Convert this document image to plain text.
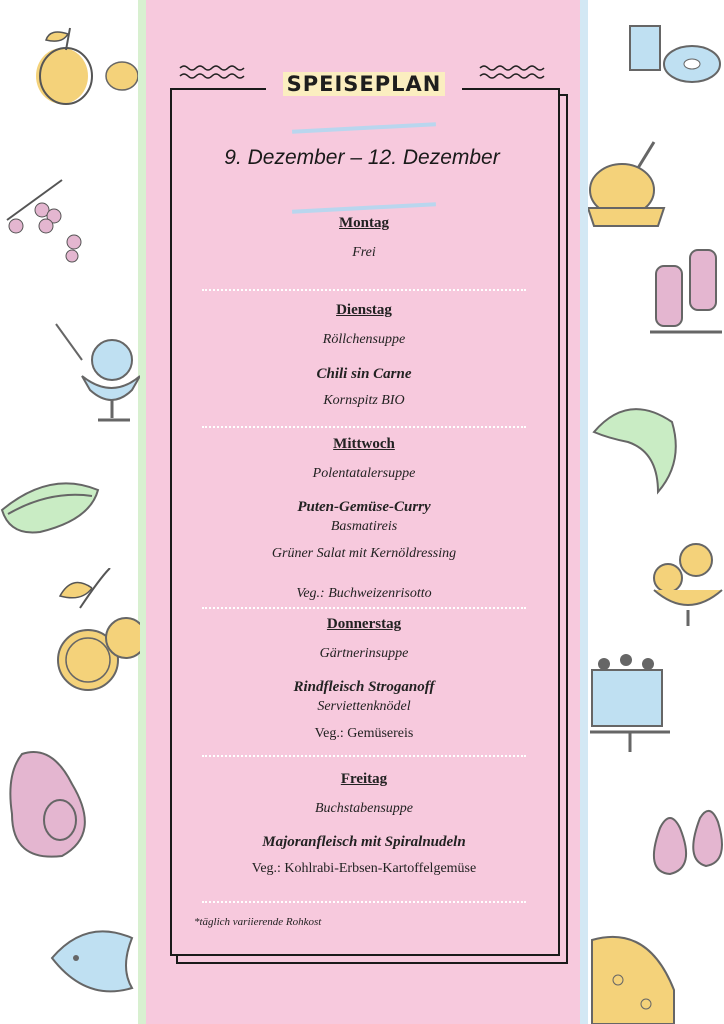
SPEISEPLAN
9. Dezember – 12. Dezember
Montag
Frei
Dienstag
Röllchensuppe
Chili sin Carne
Kornspitz BIO
Mittwoch
Polentatalersuppe
Puten-Gemüse-Curry
Basmatireis
Grüner Salat mit Kernöldressing
Veg.: Buchweizenrisotto
Donnerstag
Gärtnerinsuppe
Rindfleisch Stroganoff
Serviettenknödel
Veg.: Gemüsereis
Freitag
Buchstabensuppe
Majoranfleisch mit Spiralnudeln
Veg.: Kohlrabi-Erbsen-Kartoffelgemüse
*täglich variierende Rohkost
